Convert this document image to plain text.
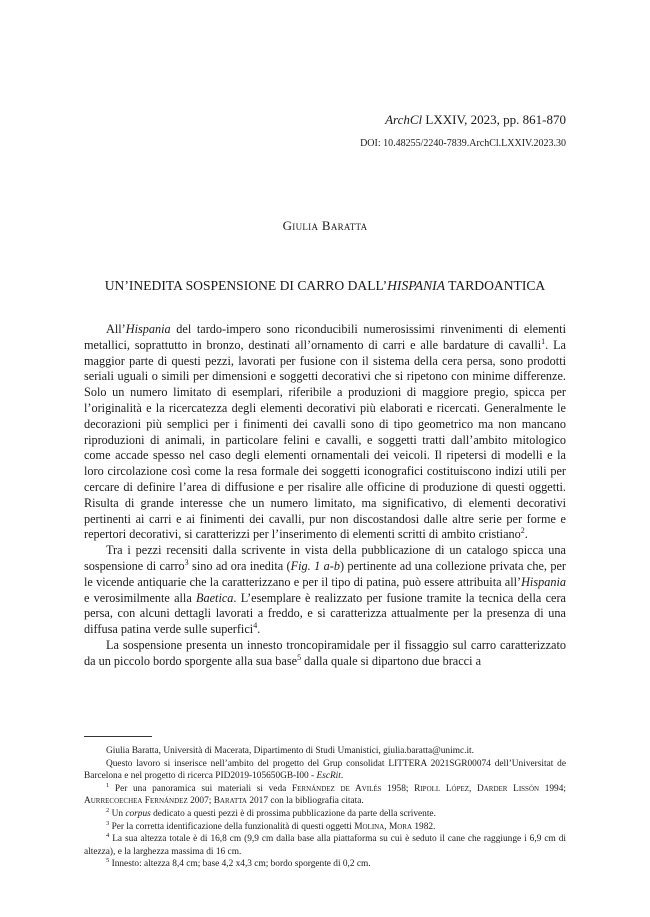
ArchCl LXXIV, 2023, pp. 861-870
DOI: 10.48255/2240-7839.ArchCl.LXXIV.2023.30
Giulia Baratta
UN’INEDITA SOSPENSIONE DI CARRO DALL’HISPANIA TARDOANTICA

All’Hispania del tardo-impero sono riconducibili numerosissimi rinvenimenti di elementi metallici, soprattutto in bronzo, destinati all’ornamento di carri e alle bardature di cavalli$^1$. La maggior parte di questi pezzi, lavorati per fusione con il sistema della cera persa, sono prodotti seriali uguali o simili per dimensioni e soggetti decorativi che si ripetono con minime differenze. Solo un numero limitato di esemplari, riferibile a produzioni di maggiore pregio, spicca per l’originalità e la ricercatezza degli elementi decorativi più elaborati e ricercati. Generalmente le decorazioni più semplici per i finimenti dei cavalli sono di tipo geometrico ma non mancano riproduzioni di animali, in particolare felini e cavalli, e soggetti tratti dall’ambito mitologico come accade spesso nel caso degli elementi ornamentali dei veicoli. Il ripetersi di modelli e la loro circolazione così come la resa formale dei soggetti iconografici costituiscono indizi utili per cercare di definire l’area di diffusione e per risalire alle officine di produzione di questi oggetti. Risulta di grande interesse che un numero limitato, ma significativo, di elementi decorativi pertinenti ai carri e ai finimenti dei cavalli, pur non discostandosi dalle altre serie per forme e repertori decorativi, si caratterizzi per l’inserimento di elementi scritti di ambito cristiano$^2$.

Tra i pezzi recensiti dalla scrivente in vista della pubblicazione di un catalogo spicca una sospensione di carro$^3$ sino ad ora inedita (Fig. 1 a-b) pertinente ad una collezione privata che, per le vicende antiquarie che la caratterizzano e per il tipo di patina, può essere attribuita all’Hispania e verosimilmente alla Baetica. L’esemplare è realizzato per fusione tramite la tecnica della cera persa, con alcuni dettagli lavorati a freddo, e si caratterizza attualmente per la presenza di una diffusa patina verde sulle superfici$^4$.

La sospensione presenta un innesto troncopiramidale per il fissaggio sul carro caratterizzato da un piccolo bordo sporgente alla sua base$^5$ dalla quale si dipartono due bracci a

Giulia Baratta, Università di Macerata, Dipartimento di Studi Umanistici, giulia.baratta@unimc.it.

Questo lavoro si inserisce nell’ambito del progetto del Grup consolidat LITTERA 2021SGR00074 dell’Universitat de Barcelona e nel progetto di ricerca PID2019-105650GB-I00 - EscRit.

$^1$ Per una panoramica sui materiali si veda Fernández de Avilés 1958; Ripoll López, Darder Lissón 1994; Aurrecoechea Fernández 2007; Baratta 2017 con la bibliografia citata.

$^2$ Un corpus dedicato a questi pezzi è di prossima pubblicazione da parte della scrivente.

$^3$ Per la corretta identificazione della funzionalità di questi oggetti Molina, Mora 1982.

$^4$ La sua altezza totale è di 16,8 cm (9,9 cm dalla base alla piattaforma su cui è seduto il cane che raggiunge i 6,9 cm di altezza), e la larghezza massima di 16 cm.

$^5$ Innesto: altezza 8,4 cm; base 4,2 x4,3 cm; bordo sporgente di 0,2 cm.
